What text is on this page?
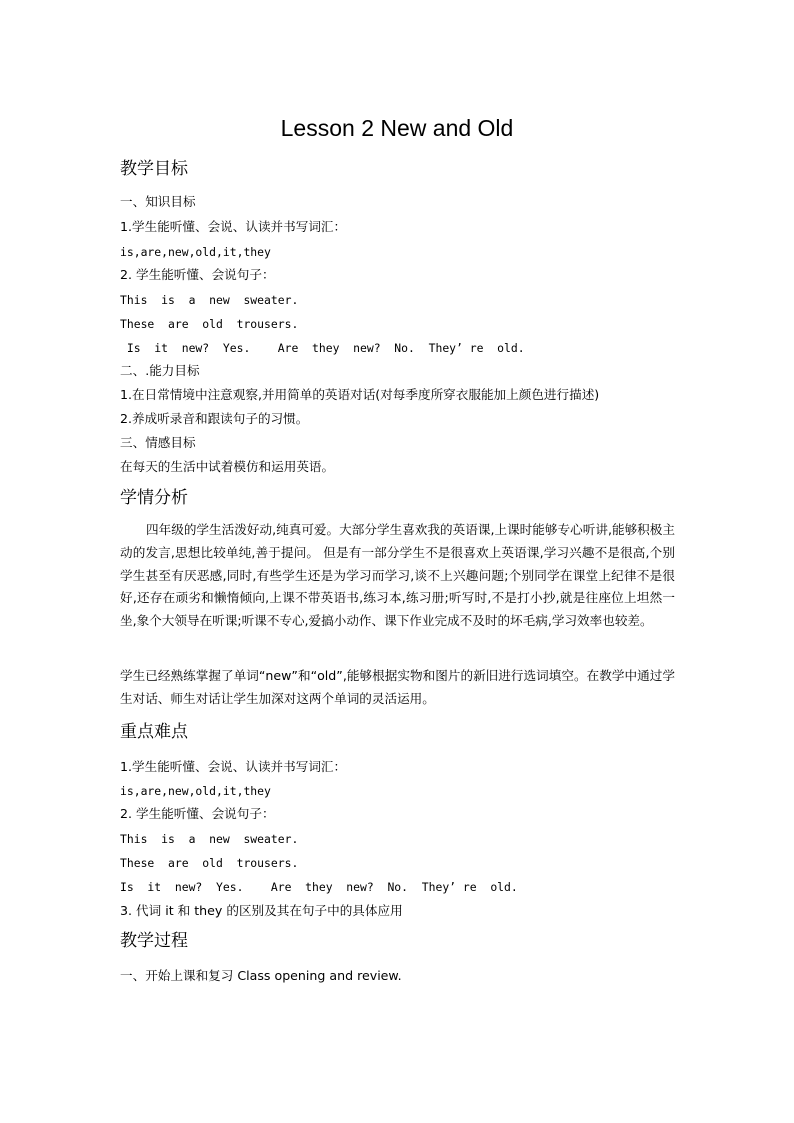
Lesson 2 New and Old
教学目标
一、知识目标
1.学生能听懂、会说、认读并书写词汇：
is,are,new,old,it,they
2. 学生能听懂、会说句子：
This  is  a  new  sweater.
These  are  old  trousers.
Is  it  new?  Yes.    Are  they  new?  No.  They’ re  old.
二、.能力目标
1.在日常情境中注意观察,并用简单的英语对话(对每季度所穿衣服能加上颜色进行描述)
2.养成听录音和跟读句子的习惯。
三、情感目标
在每天的生活中试着模仿和运用英语。
学情分析
四年级的学生活泼好动,纯真可爱。大部分学生喜欢我的英语课,上课时能够专心听讲,能够积极主动的发言,思想比较单纯,善于提问。 但是有一部分学生不是很喜欢上英语课,学习兴趣不是很高,个别学生甚至有厌恶感,同时,有些学生还是为学习而学习,谈不上兴趣问题;个别同学在课堂上纪律不是很好,还存在顽劣和懒惰倾向,上课不带英语书,练习本,练习册;听写时,不是打小抄,就是往座位上坦然一坐,象个大领导在听课;听课不专心,爱搞小动作、课下作业完成不及时的坏毛病,学习效率也较差。
学生已经熟练掌握了单词“new”和“old”,能够根据实物和图片的新旧进行选词填空。在教学中通过学生对话、师生对话让学生加深对这两个单词的灵活运用。
重点难点
1.学生能听懂、会说、认读并书写词汇：
is,are,new,old,it,they
2. 学生能听懂、会说句子：
This  is  a  new  sweater.
These  are  old  trousers.
Is  it  new?  Yes.    Are  they  new?  No.  They’ re  old.
3. 代词 it 和 they 的区别及其在句子中的具体应用
教学过程
一、开始上课和复习 Class opening and review.
